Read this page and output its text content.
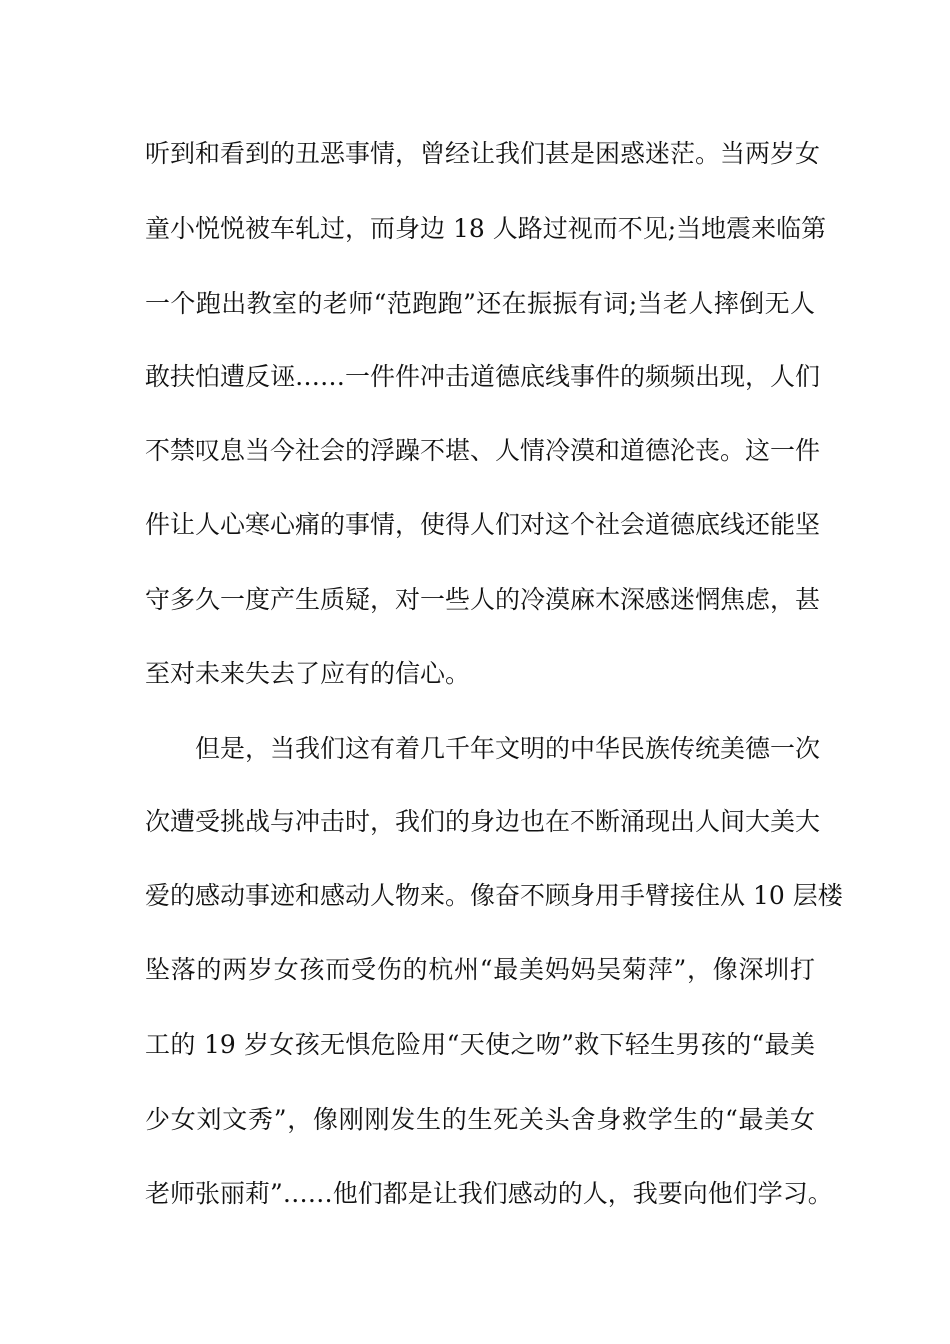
听到和看到的丑恶事情，曾经让我们甚是困惑迷茫。当两岁女
童小悦悦被车轧过，而身边 18 人路过视而不见;当地震来临第
一个跑出教室的老师“范跑跑”还在振振有词;当老人摔倒无人
敢扶怕遭反诬……一件件冲击道德底线事件的频频出现，人们
不禁叹息当今社会的浮躁不堪、人情冷漠和道德沦丧。这一件
件让人心寒心痛的事情，使得人们对这个社会道德底线还能坚
守多久一度产生质疑，对一些人的冷漠麻木深感迷惘焦虑，甚
至对未来失去了应有的信心。
但是，当我们这有着几千年文明的中华民族传统美德一次
次遭受挑战与冲击时，我们的身边也在不断涌现出人间大美大
爱的感动事迹和感动人物来。像奋不顾身用手臂接住从 10 层楼
坠落的两岁女孩而受伤的杭州“最美妈妈吴菊萍”，像深圳打
工的 19 岁女孩无惧危险用“天使之吻”救下轻生男孩的“最美
少女刘文秀”，像刚刚发生的生死关头舍身救学生的“最美女
老师张丽莉”……他们都是让我们感动的人，我要向他们学习。
